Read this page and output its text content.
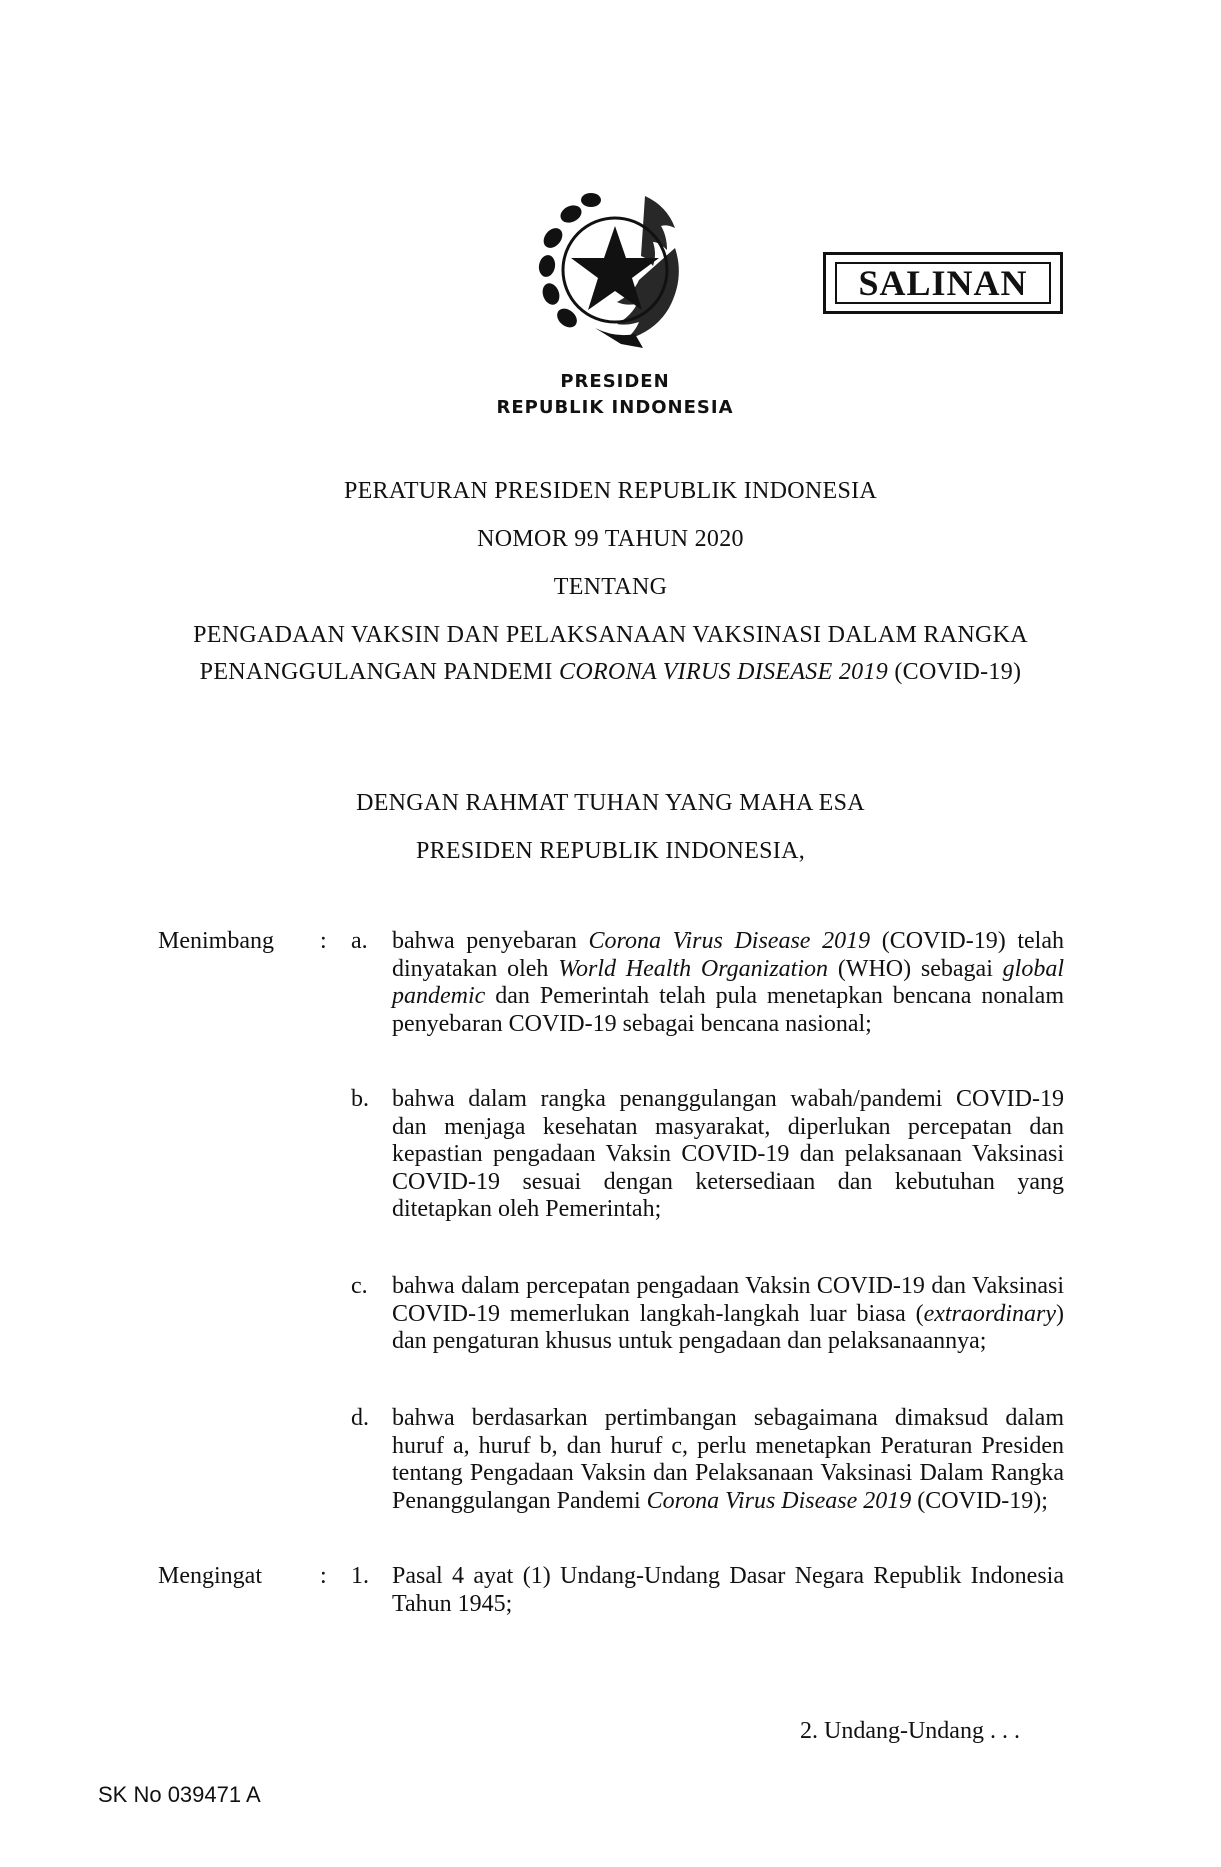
SALINAN
PRESIDEN
REPUBLIK INDONESIA
PERATURAN PRESIDEN REPUBLIK INDONESIA
NOMOR 99 TAHUN 2020
TENTANG
PENGADAAN VAKSIN DAN PELAKSANAAN VAKSINASI DALAM RANGKA
PENANGGULANGAN PANDEMI CORONA VIRUS DISEASE 2019 (COVID-19)
DENGAN RAHMAT TUHAN YANG MAHA ESA
PRESIDEN REPUBLIK INDONESIA,
Menimbang : a. bahwa penyebaran Corona Virus Disease 2019 (COVID-19) telah dinyatakan oleh World Health Organization (WHO) sebagai global pandemic dan Pemerintah telah pula menetapkan bencana nonalam penyebaran COVID-19 sebagai bencana nasional;

b. bahwa dalam rangka penanggulangan wabah/pandemi COVID-19 dan menjaga kesehatan masyarakat, diperlukan percepatan dan kepastian pengadaan Vaksin COVID-19 dan pelaksanaan Vaksinasi COVID-19 sesuai dengan ketersediaan dan kebutuhan yang ditetapkan oleh Pemerintah;

c. bahwa dalam percepatan pengadaan Vaksin COVID-19 dan Vaksinasi COVID-19 memerlukan langkah-langkah luar biasa (extraordinary) dan pengaturan khusus untuk pengadaan dan pelaksanaannya;

d. bahwa berdasarkan pertimbangan sebagaimana dimaksud dalam huruf a, huruf b, dan huruf c, perlu menetapkan Peraturan Presiden tentang Pengadaan Vaksin dan Pelaksanaan Vaksinasi Dalam Rangka Penanggulangan Pandemi Corona Virus Disease 2019 (COVID-19);

Mengingat : 1. Pasal 4 ayat (1) Undang-Undang Dasar Negara Republik Indonesia Tahun 1945;

2. Undang-Undang . . .
SK No 039471 A
